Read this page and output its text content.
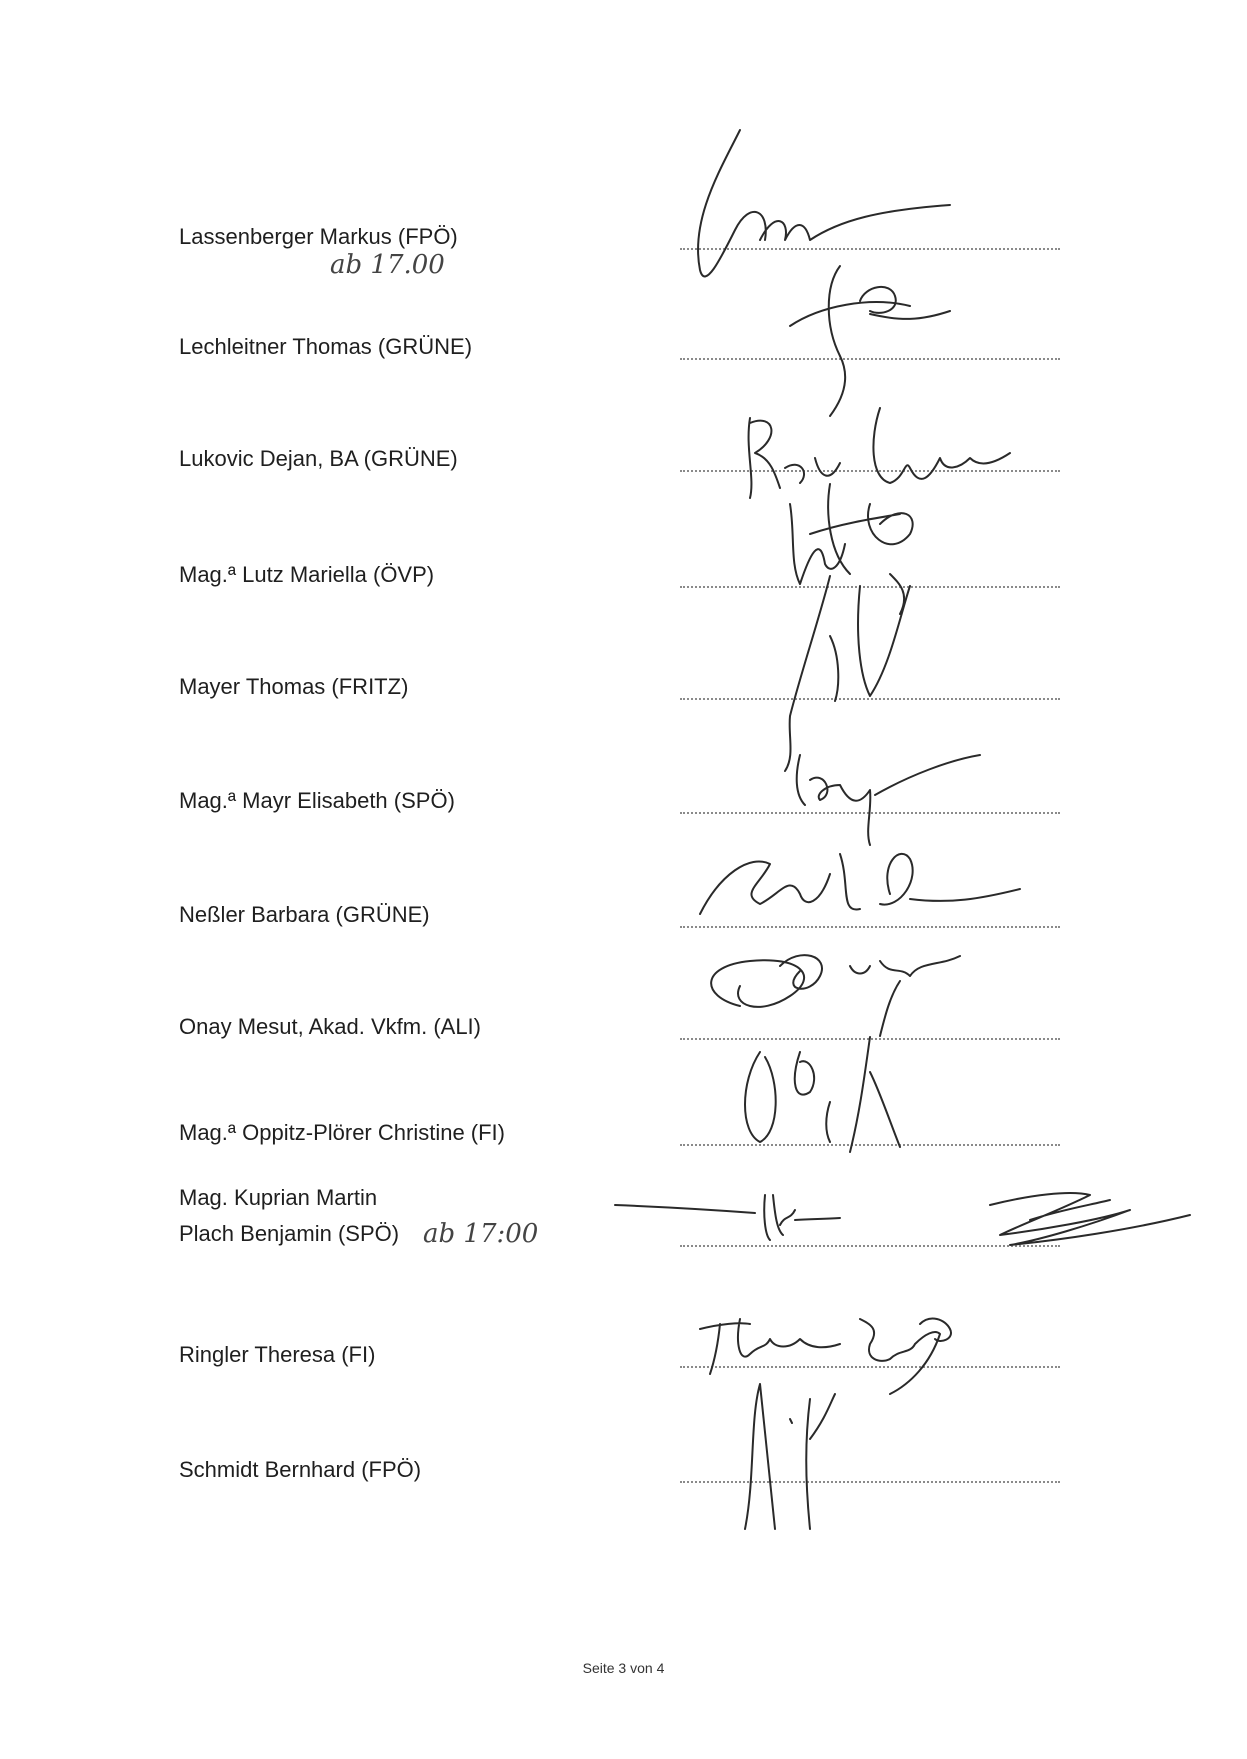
Lassenberger Markus (FPÖ)
ab 17.00
Lechleitner Thomas (GRÜNE)
Lukovic Dejan, BA (GRÜNE)
Mag.ª Lutz Mariella (ÖVP)
Mayer Thomas (FRITZ)
Mag.ª Mayr Elisabeth (SPÖ)
Neßler Barbara (GRÜNE)
Onay Mesut, Akad. Vkfm. (ALI)
Mag.ª Oppitz-Plörer Christine (FI)
Mag. Kuprian Martin
Plach Benjamin (SPÖ) ab 17:00
Ringler Theresa (FI)
Schmidt Bernhard (FPÖ)
Seite 3 von 4
